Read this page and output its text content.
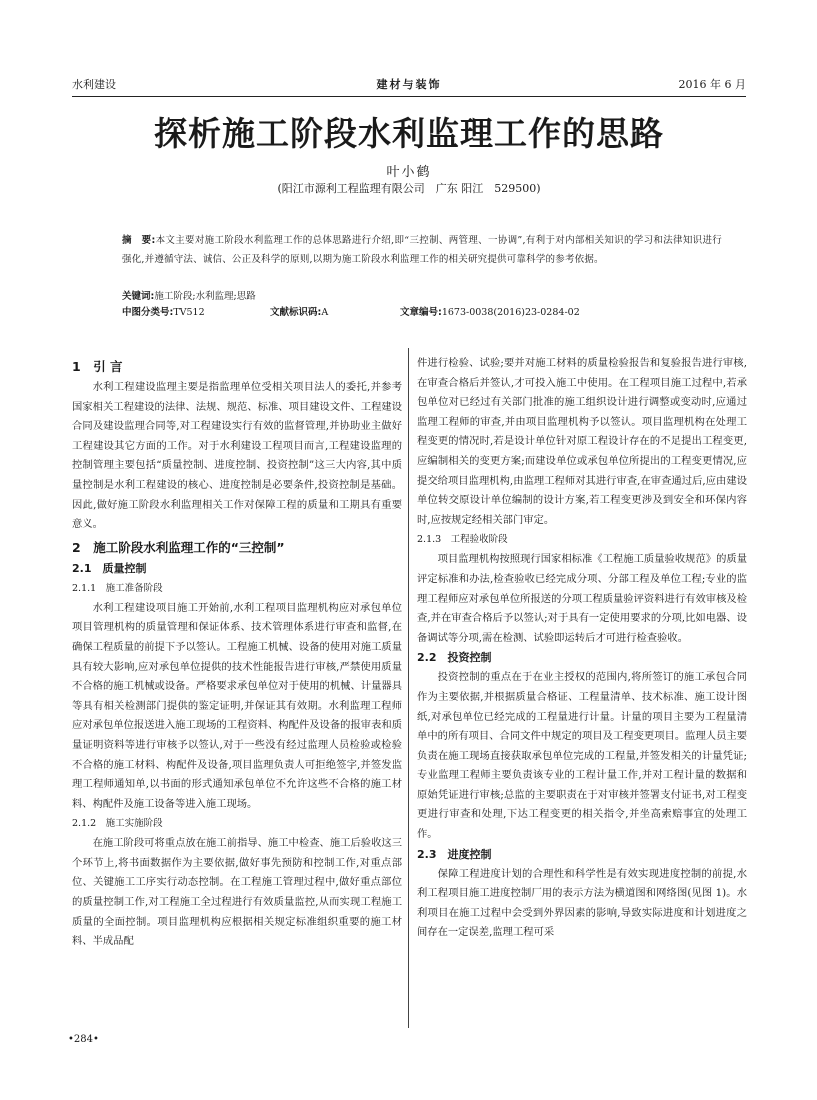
水利建设	建材与装饰	2016 年 6 月
探析施工阶段水利监理工作的思路
叶小鹤
(阳江市源利工程监理有限公司　广东 阳江　529500)
摘　要:本文主要对施工阶段水利监理工作的总体思路进行介绍,即“三控制、两管理、一协调”,有利于对内部相关知识的学习和法律知识进行强化,并遵循守法、诚信、公正及科学的原则,以期为施工阶段水利监理工作的相关研究提供可靠科学的参考依据。
关键词:施工阶段;水利监理;思路
中图分类号:TV512	文献标识码:A	文章编号:1673-0038(2016)23-0284-02
1　引 言

水利工程建设监理主要是指监理单位受相关项目法人的委托,并参考国家相关工程建设的法律、法规、规范、标准、项目建设文件、工程建设合同及建设监理合同等,对工程建设实行有效的监督管理,并协助业主做好工程建设其它方面的工作。对于水利建设工程项目而言,工程建设监理的控制管理主要包括“质量控制、进度控制、投资控制”这三大内容,其中质量控制是水利工程建设的核心、进度控制是必要条件,投资控制是基础。因此,做好施工阶段水利监理相关工作对保障工程的质量和工期具有重要意义。

2　施工阶段水利监理工作的“三控制”
2.1　质量控制
2.1.1　施工准备阶段

水利工程建设项目施工开始前,水利工程项目监理机构应对承包单位项目管理机构的质量管理和保证体系、技术管理体系进行审查和监督,在确保工程质量的前提下予以签认。工程施工机械、设备的使用对施工质量具有较大影响,应对承包单位提供的技术性能报告进行审核,严禁使用质量不合格的施工机械或设备。严格要求承包单位对于使用的机械、计量器具等具有相关检测部门提供的鉴定证明,并保证其有效期。水利监理工程师应对承包单位报送进入施工现场的工程资料、构配件及设备的报审表和质量证明资料等进行审核予以签认,对于一些没有经过监理人员检验或检验不合格的施工材料、构配件及设备,项目监理负责人可拒绝签字,并签发监理工程师通知单,以书面的形式通知承包单位不允许这些不合格的施工材料、构配件及施工设备等进入施工现场。

2.1.2　施工实施阶段

在施工阶段可将重点放在施工前指导、施工中检查、施工后验收这三个环节上,将书面数据作为主要依据,做好事先预防和控制工作,对重点部位、关键施工工序实行动态控制。在工程施工管理过程中,做好重点部位的质量控制工作,对工程施工全过程进行有效质量监控,从而实现工程施工质量的全面控制。项目监理机构应根据相关规定标准组织重要的施工材料、半成品配

件进行检验、试验;要并对施工材料的质量检验报告和复验报告进行审核,在审查合格后并签认,才可投入施工中使用。在工程项目施工过程中,若承包单位对已经过有关部门批准的施工组织设计进行调整或变动时,应通过监理工程师的审查,并由项目监理机构予以签认。项目监理机构在处理工程变更的情况时,若是设计单位针对原工程设计存在的不足提出工程变更,应编制相关的变更方案;而建设单位或承包单位所提出的工程变更情况,应提交给项目监理机构,由监理工程师对其进行审查,在审查通过后,应由建设单位转交原设计单位编制的设计方案,若工程变更涉及到安全和环保内容时,应按规定经相关部门审定。

2.1.3　工程验收阶段

项目监理机构按照现行国家相标准《工程施工质量验收规范》的质量评定标准和办法,检查验收已经完成分项、分部工程及单位工程;专业的监理工程师应对承包单位所报送的分项工程质量验评资料进行有效审核及检查,并在审查合格后予以签认;对于具有一定使用要求的分项,比如电器、设备调试等分项,需在检测、试验即运转后才可进行检查验收。

2.2　投资控制

投资控制的重点在于在业主授权的范围内,将所签订的施工承包合同作为主要依据,并根据质量合格证、工程量清单、技术标准、施工设计图纸,对承包单位已经完成的工程量进行计量。计量的项目主要为工程量清单中的所有项目、合同文件中规定的项目及工程变更项目。监理人员主要负责在施工现场直接获取承包单位完成的工程量,并签发相关的计量凭证;专业监理工程师主要负责该专业的工程计量工作,并对工程计量的数据和原始凭证进行审核;总监的主要职责在于对审核并签署支付证书,对工程变更进行审查和处理,下达工程变更的相关指令,并坐高索赔事宜的处理工作。

2.3　进度控制

保障工程进度计划的合理性和科学性是有效实现进度控制的前提,水利工程项目施工进度控制厂用的表示方法为横道图和网络图(见图 1)。水利项目在施工过程中会受到外界因素的影响,导致实际进度和计划进度之间存在一定误差,监理工程可采

•284•
